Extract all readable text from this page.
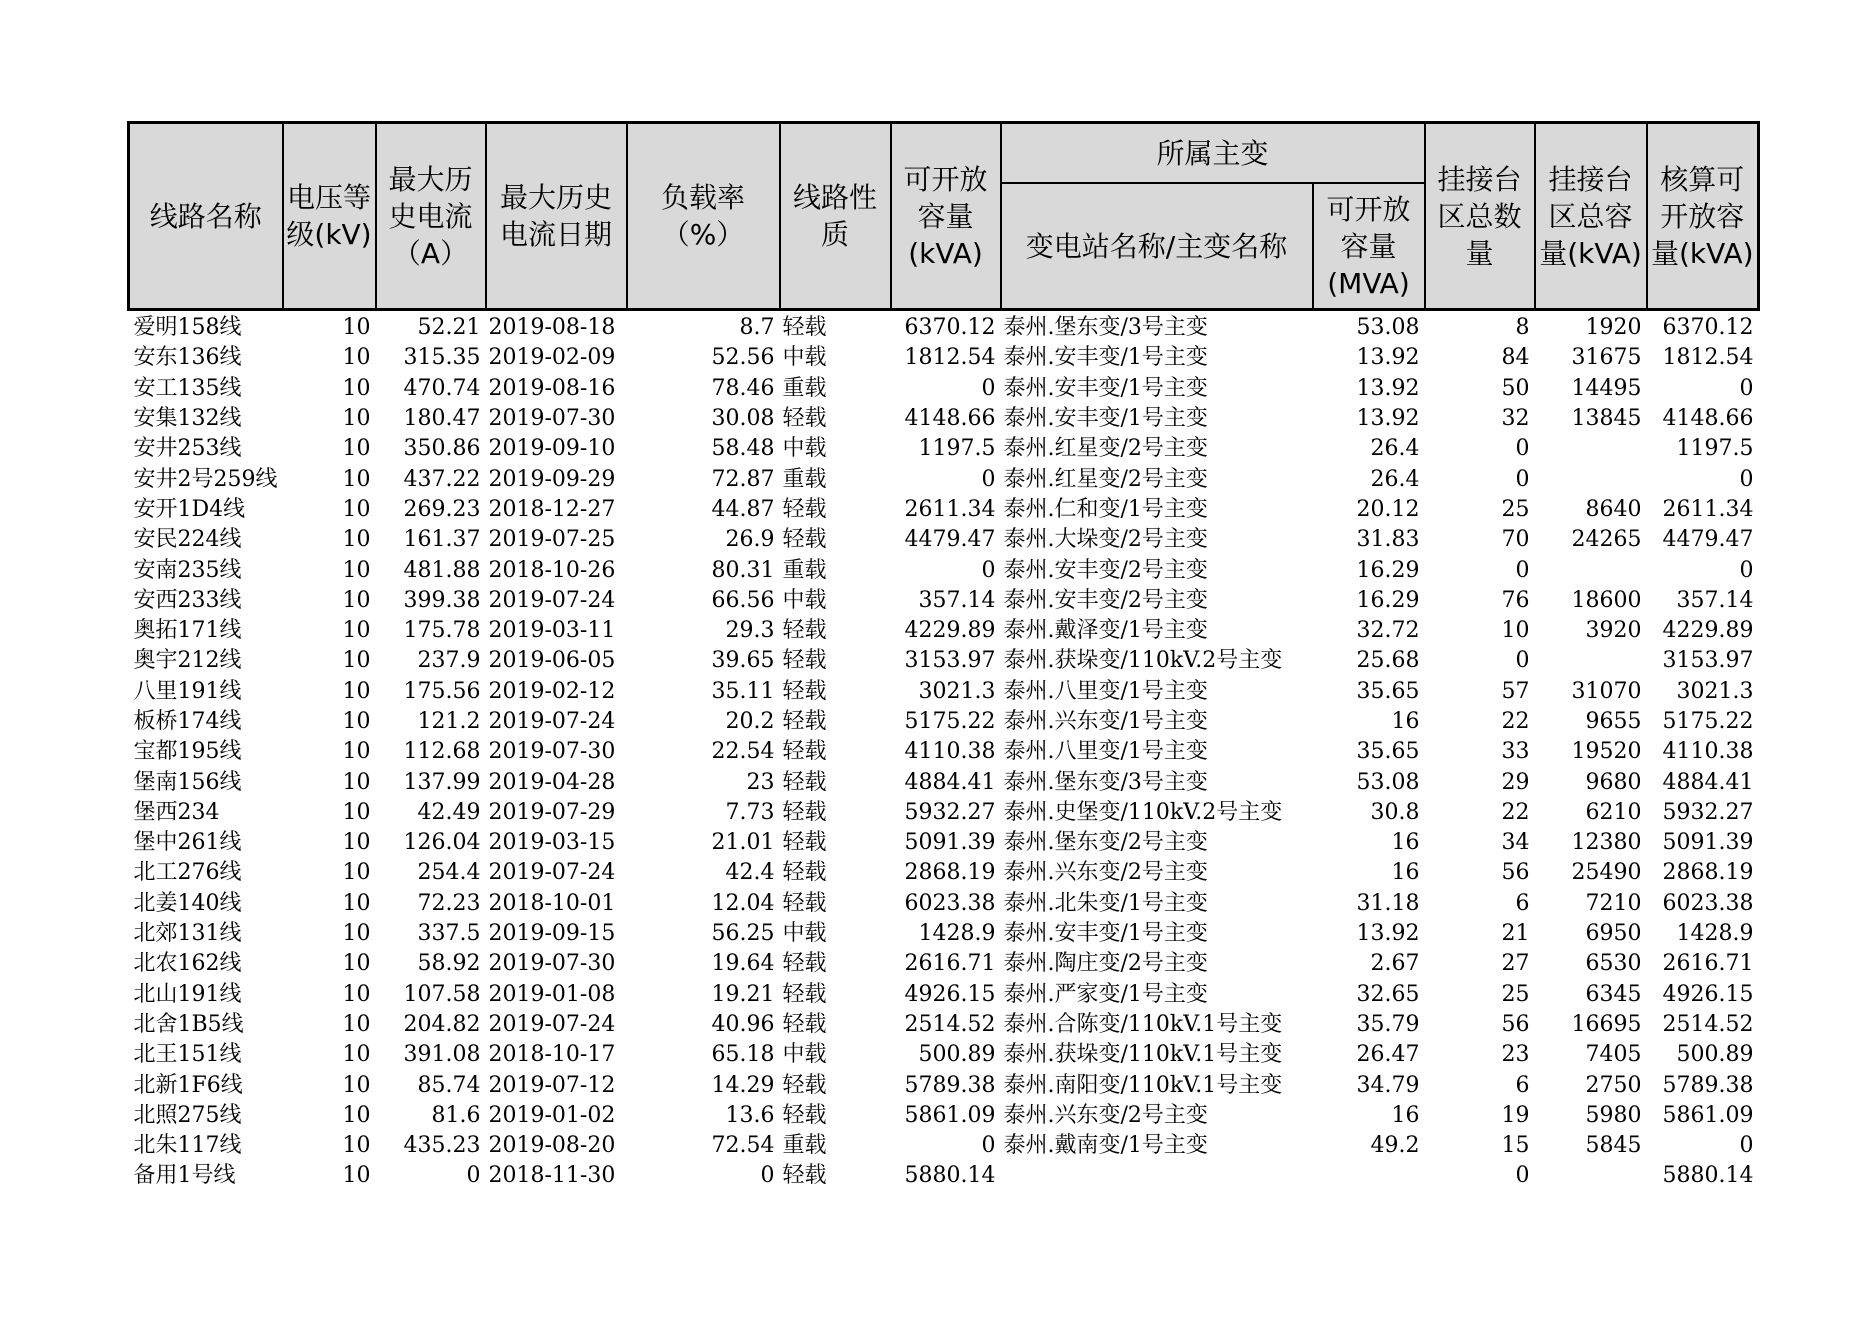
线路名称	电压等级(kV)	最大历史电流（A）	最大历史电流日期	负载率（%）	线路性质	可开放容量(kVA)	所属主变		挂接台区总数量	挂接台区总容量(kVA)	核算可开放容量(kVA)
							变电站名称/主变名称	可开放容量(MVA)			
爱明158线	10	52.21	2019-08-18	8.7	轻载	6370.12	泰州.堡东变/3号主变	53.08	8	1920	6370.12
安东136线	10	315.35	2019-02-09	52.56	中载	1812.54	泰州.安丰变/1号主变	13.92	84	31675	1812.54
安工135线	10	470.74	2019-08-16	78.46	重载	0	泰州.安丰变/1号主变	13.92	50	14495	0
安集132线	10	180.47	2019-07-30	30.08	轻载	4148.66	泰州.安丰变/1号主变	13.92	32	13845	4148.66
安井253线	10	350.86	2019-09-10	58.48	中载	1197.5	泰州.红星变/2号主变	26.4	0		1197.5
安井2号259线	10	437.22	2019-09-29	72.87	重载	0	泰州.红星变/2号主变	26.4	0		0
安开1D4线	10	269.23	2018-12-27	44.87	轻载	2611.34	泰州.仁和变/1号主变	20.12	25	8640	2611.34
安民224线	10	161.37	2019-07-25	26.9	轻载	4479.47	泰州.大垛变/2号主变	31.83	70	24265	4479.47
安南235线	10	481.88	2018-10-26	80.31	重载	0	泰州.安丰变/2号主变	16.29	0		0
安西233线	10	399.38	2019-07-24	66.56	中载	357.14	泰州.安丰变/2号主变	16.29	76	18600	357.14
奥拓171线	10	175.78	2019-03-11	29.3	轻载	4229.89	泰州.戴泽变/1号主变	32.72	10	3920	4229.89
奥宇212线	10	237.9	2019-06-05	39.65	轻载	3153.97	泰州.获垛变/110kV.2号主变	25.68	0		3153.97
八里191线	10	175.56	2019-02-12	35.11	轻载	3021.3	泰州.八里变/1号主变	35.65	57	31070	3021.3
板桥174线	10	121.2	2019-07-24	20.2	轻载	5175.22	泰州.兴东变/1号主变	16	22	9655	5175.22
宝都195线	10	112.68	2019-07-30	22.54	轻载	4110.38	泰州.八里变/1号主变	35.65	33	19520	4110.38
堡南156线	10	137.99	2019-04-28	23	轻载	4884.41	泰州.堡东变/3号主变	53.08	29	9680	4884.41
堡西234	10	42.49	2019-07-29	7.73	轻载	5932.27	泰州.史堡变/110kV.2号主变	30.8	22	6210	5932.27
堡中261线	10	126.04	2019-03-15	21.01	轻载	5091.39	泰州.堡东变/2号主变	16	34	12380	5091.39
北工276线	10	254.4	2019-07-24	42.4	轻载	2868.19	泰州.兴东变/2号主变	16	56	25490	2868.19
北姜140线	10	72.23	2018-10-01	12.04	轻载	6023.38	泰州.北朱变/1号主变	31.18	6	7210	6023.38
北郊131线	10	337.5	2019-09-15	56.25	中载	1428.9	泰州.安丰变/1号主变	13.92	21	6950	1428.9
北农162线	10	58.92	2019-07-30	19.64	轻载	2616.71	泰州.陶庄变/2号主变	2.67	27	6530	2616.71
北山191线	10	107.58	2019-01-08	19.21	轻载	4926.15	泰州.严家变/1号主变	32.65	25	6345	4926.15
北舍1B5线	10	204.82	2019-07-24	40.96	轻载	2514.52	泰州.合陈变/110kV.1号主变	35.79	56	16695	2514.52
北王151线	10	391.08	2018-10-17	65.18	中载	500.89	泰州.获垛变/110kV.1号主变	26.47	23	7405	500.89
北新1F6线	10	85.74	2019-07-12	14.29	轻载	5789.38	泰州.南阳变/110kV.1号主变	34.79	6	2750	5789.38
北照275线	10	81.6	2019-01-02	13.6	轻载	5861.09	泰州.兴东变/2号主变	16	19	5980	5861.09
北朱117线	10	435.23	2019-08-20	72.54	重载	0	泰州.戴南变/1号主变	49.2	15	5845	0
备用1号线	10	0	2018-11-30	0	轻载	5880.14			0		5880.14
